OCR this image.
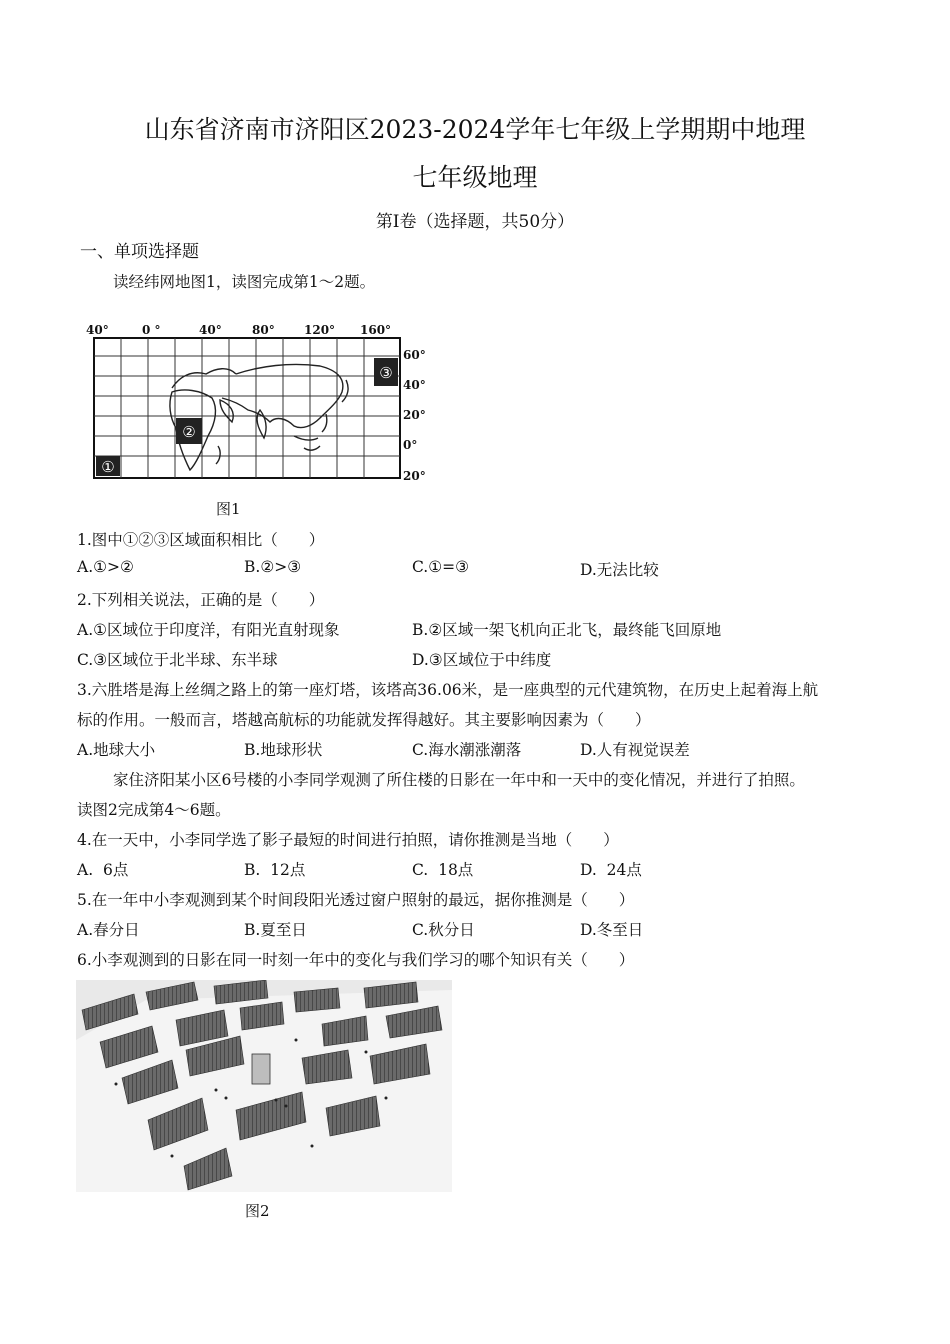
山东省济南市济阳区2023-2024学年七年级上学期期中地理
七年级地理
第Ⅰ卷（选择题，共50分）
一、单项选择题
读经纬网地图1，读图完成第1～2题。
40°	0 °	40°	80° 120° 160°
60°
40°
20°
0°
20°
①
②
③
图1
1.图中①②③区域面积相比（　　）
A.①>②	B.②>③	C.①=③	D.无法比较
2.下列相关说法，正确的是（　　）
A.①区域位于印度洋，有阳光直射现象	B.②区域一架飞机向正北飞，最终能飞回原地
C.③区域位于北半球、东半球	D.③区域位于中纬度
3.六胜塔是海上丝绸之路上的第一座灯塔，该塔高36.06米，是一座典型的元代建筑物，在历史上起着海上航
标的作用。一般而言，塔越高航标的功能就发挥得越好。其主要影响因素为（　　）
A.地球大小	B.地球形状	C.海水潮涨潮落	D.人有视觉误差
家住济阳某小区6号楼的小李同学观测了所住楼的日影在一年中和一天中的变化情况，并进行了拍照。
读图2完成第4～6题。
4.在一天中，小李同学选了影子最短的时间进行拍照，请你推测是当地（　　）
A.  6点	B.  12点	C.  18点	D.  24点
5.在一年中小李观测到某个时间段阳光透过窗户照射的最远，据你推测是（　　）
A.春分日	B.夏至日	C.秋分日	D.冬至日
6.小李观测到的日影在同一时刻一年中的变化与我们学习的哪个知识有关（　　）
图2
